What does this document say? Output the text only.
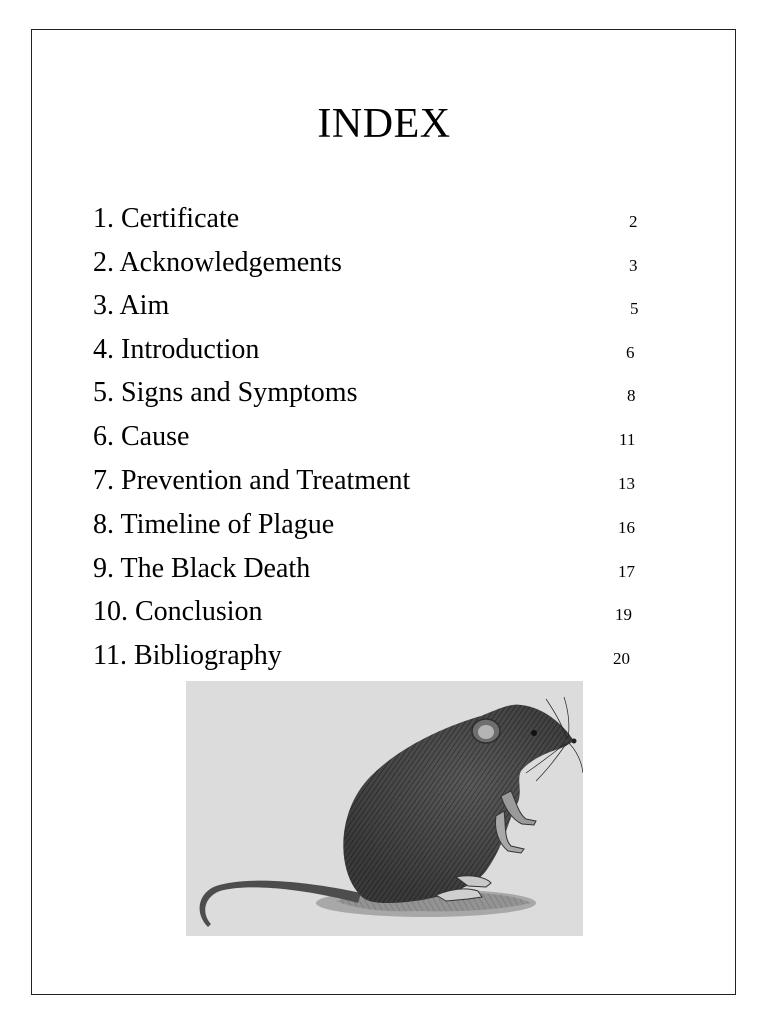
INDEX
1. Certificate	2
2. Acknowledgements	3
3. Aim	5
4. Introduction	6
5. Signs and Symptoms	8
6. Cause	11
7. Prevention and Treatment	13
8. Timeline of Plague	16
9. The Black Death	17
10. Conclusion	19
11. Bibliography	20
